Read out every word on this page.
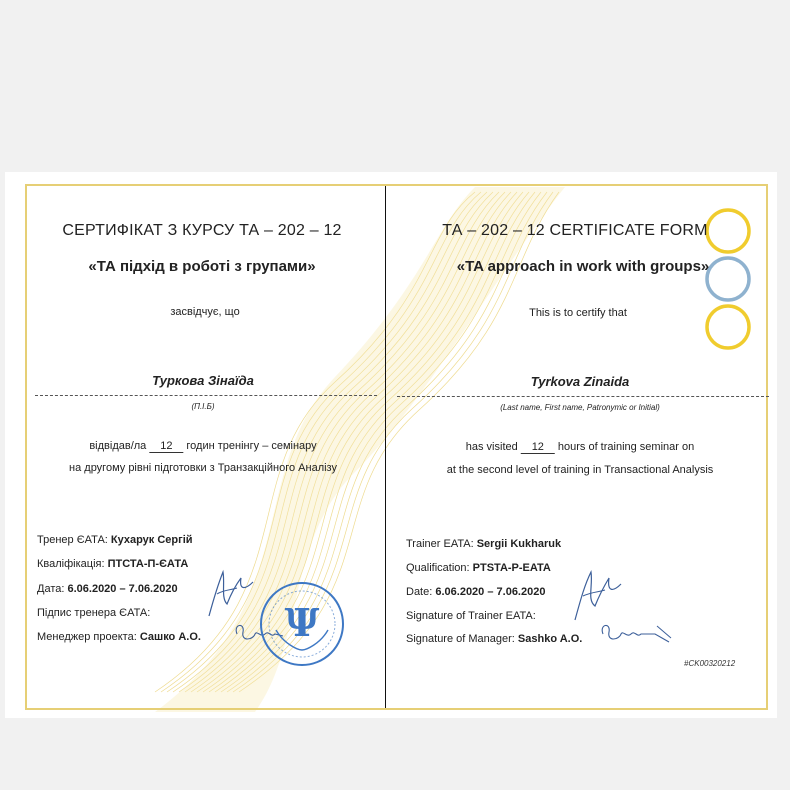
СЕРТИФІКАТ З КУРСУ ТА – 202 – 12
«ТА підхід в роботі з групами»
засвідчує, що
Туркова Зінаїда
(П.І.Б)
відвідав/ла 12 годин тренінгу – семінару
на другому рівні підготовки з Транзакційного Аналізу
Тренер ЄАТА: Кухарук Сергій
Кваліфікація: ПТСТА-П-ЄАТА
Дата: 6.06.2020 – 7.06.2020
Підпис тренера ЄАТА:
Менеджер проекта: Сашко А.О. Ψ
ТА – 202 – 12 CERTIFICATE FORM
«TA approach in work with groups»
This is to certify that
Tyrkova Zinaida
(Last name, First name, Patronymic or Initial)
has visited 12 hours of training seminar on
at the second level of training in Transactional Analysis
Trainer EATA: Sergii Kukharuk
Qualification: PTSTA-P-EATA
Date: 6.06.2020 – 7.06.2020
Signature of Trainer EATA:
Signature of Manager: Sashko A.O.
#CK00320212
